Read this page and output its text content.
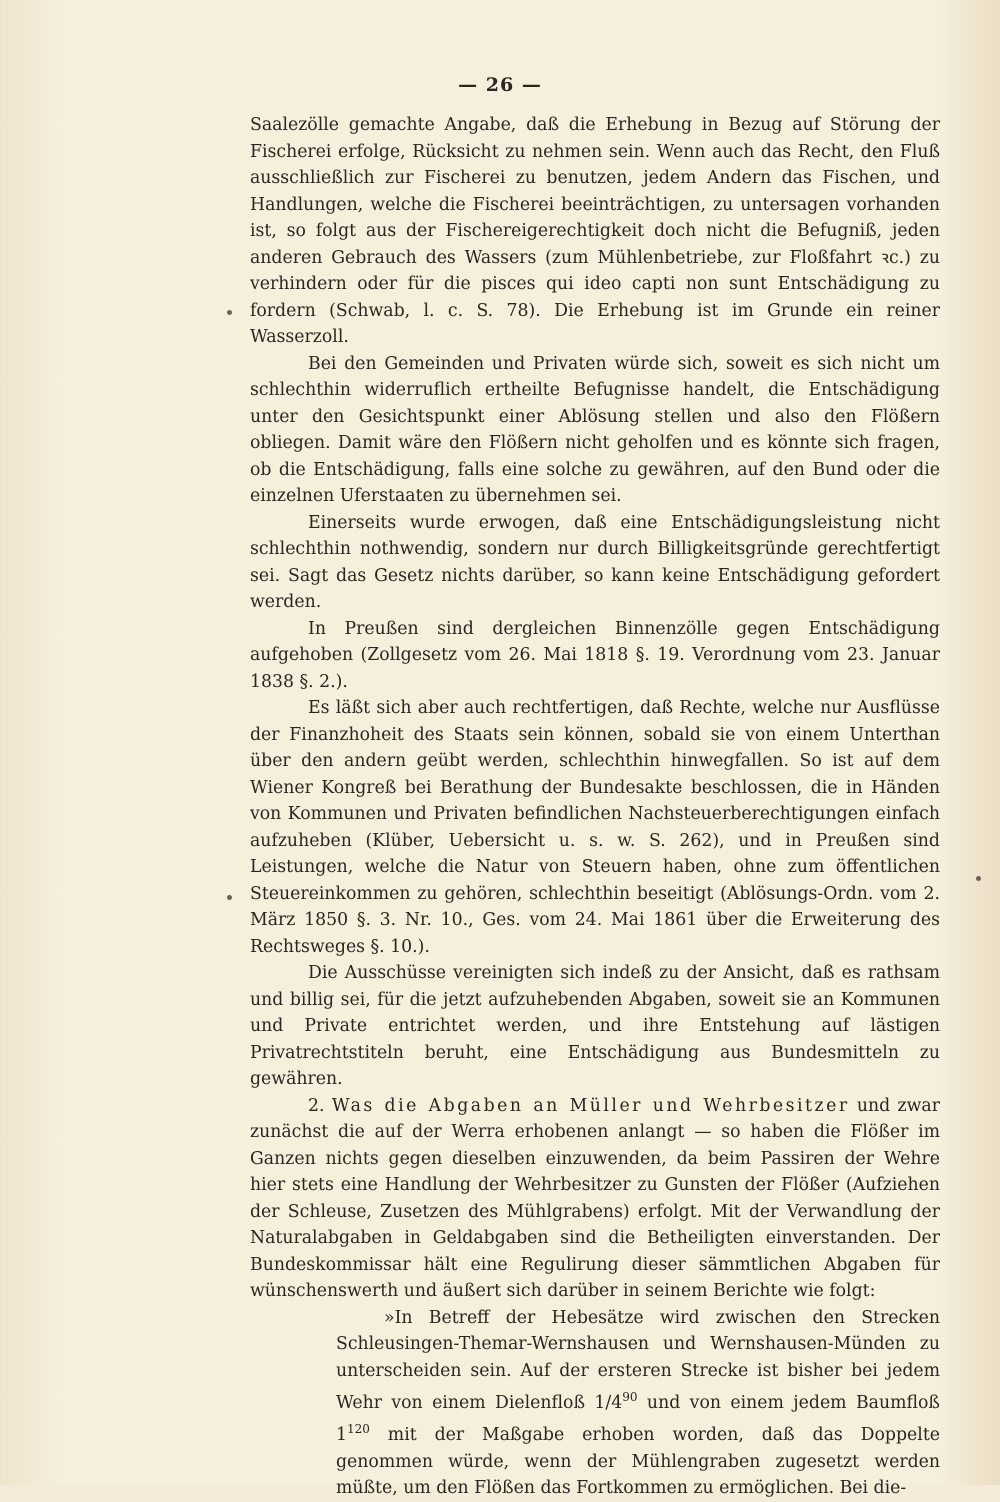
— 26 —

Saalezölle gemachte Angabe, daß die Erhebung in Bezug auf Störung der Fischerei erfolge, Rücksicht zu nehmen sein. Wenn auch das Recht, den Fluß ausschließlich zur Fischerei zu benutzen, jedem Andern das Fischen, und Handlungen, welche die Fischerei beeinträchtigen, zu untersagen vorhanden ist, so folgt aus der Fischereigerechtigkeit doch nicht die Befugniß, jeden anderen Gebrauch des Wassers (zum Mühlenbetriebe, zur Floßfahrt ꝛc.) zu verhindern oder für die pisces qui ideo capti non sunt Entschädigung zu fordern (Schwab, l. c. S. 78). Die Erhebung ist im Grunde ein reiner Wasserzoll.

Bei den Gemeinden und Privaten würde sich, soweit es sich nicht um schlechthin widerruflich ertheilte Befugnisse handelt, die Entschädigung unter den Gesichtspunkt einer Ablösung stellen und also den Flößern obliegen. Damit wäre den Flößern nicht geholfen und es könnte sich fragen, ob die Entschädigung, falls eine solche zu gewähren, auf den Bund oder die einzelnen Uferstaaten zu übernehmen sei.

Einerseits wurde erwogen, daß eine Entschädigungsleistung nicht schlechthin nothwendig, sondern nur durch Billigkeitsgründe gerechtfertigt sei. Sagt das Gesetz nichts darüber, so kann keine Entschädigung gefordert werden.

In Preußen sind dergleichen Binnenzölle gegen Entschädigung aufgehoben (Zollgesetz vom 26. Mai 1818 §. 19. Verordnung vom 23. Januar 1838 §. 2.).

Es läßt sich aber auch rechtfertigen, daß Rechte, welche nur Ausflüsse der Finanzhoheit des Staats sein können, sobald sie von einem Unterthan über den andern geübt werden, schlechthin hinwegfallen. So ist auf dem Wiener Kongreß bei Berathung der Bundesakte beschlossen, die in Händen von Kommunen und Privaten befindlichen Nachsteuerberechtigungen einfach aufzuheben (Klüber, Uebersicht u. s. w. S. 262), und in Preußen sind Leistungen, welche die Natur von Steuern haben, ohne zum öffentlichen Steuereinkommen zu gehören, schlechthin beseitigt (Ablösungs-Ordn. vom 2. März 1850 §. 3. Nr. 10., Ges. vom 24. Mai 1861 über die Erweiterung des Rechtsweges §. 10.).

Die Ausschüsse vereinigten sich indeß zu der Ansicht, daß es rathsam und billig sei, für die jetzt aufzuhebenden Abgaben, soweit sie an Kommunen und Private entrichtet werden, und ihre Entstehung auf lästigen Privatrechtstiteln beruht, eine Entschädigung aus Bundesmitteln zu gewähren.

2. Was die Abgaben an Müller und Wehrbesitzer und zwar zunächst die auf der Werra erhobenen anlangt — so haben die Flößer im Ganzen nichts gegen dieselben einzuwenden, da beim Passiren der Wehre hier stets eine Handlung der Wehrbesitzer zu Gunsten der Flößer (Aufziehen der Schleuse, Zusetzen des Mühlgrabens) erfolgt. Mit der Verwandlung der Naturalabgaben in Geldabgaben sind die Betheiligten einverstanden. Der Bundeskommissar hält eine Regulirung dieser sämmtlichen Abgaben für wünschenswerth und äußert sich darüber in seinem Berichte wie folgt:

»In Betreff der Hebesätze wird zwischen den Strecken Schleusingen-Themar-Wernshausen und Wernshausen-Münden zu unterscheiden sein. Auf der ersteren Strecke ist bisher bei jedem Wehr von einem Dielenfloß $1/4^{90}$ und von einem jedem Baumfloß $1^{120}$ mit der Maßgabe erhoben worden, daß das Doppelte genommen würde, wenn der Mühlengraben zugesetzt werden müßte, um den Flößen das Fortkommen zu ermöglichen. Bei die-
